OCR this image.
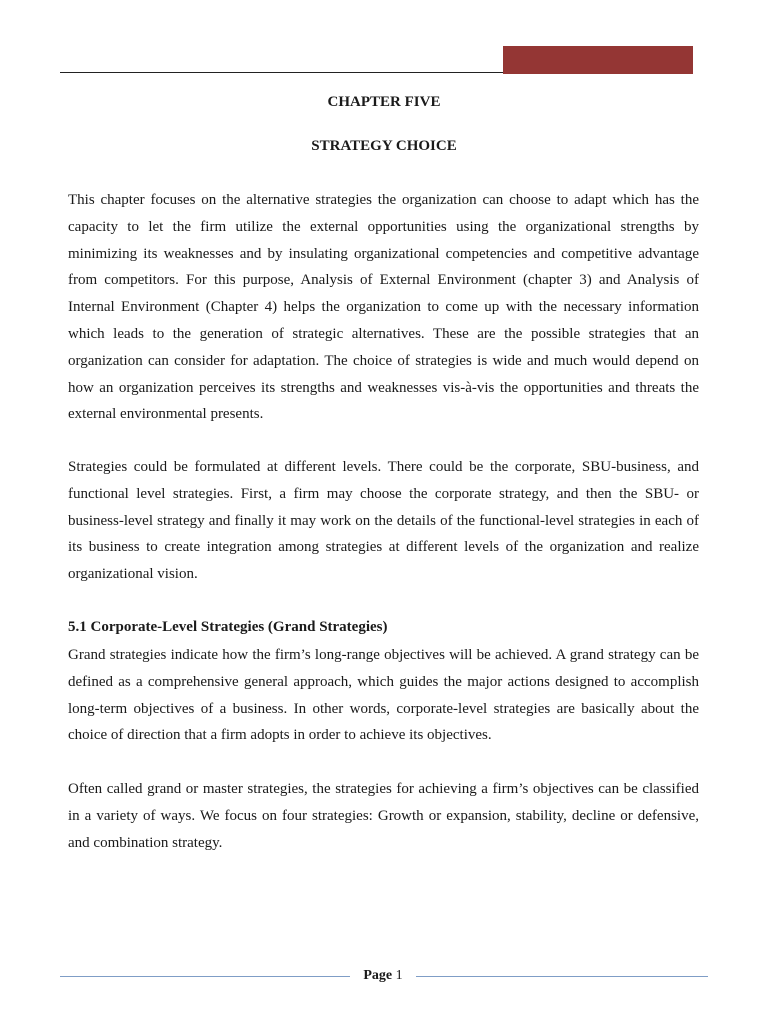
CHAPTER FIVE
STRATEGY CHOICE

This chapter focuses on the alternative strategies the organization can choose to adapt which has the capacity to let the firm utilize the external opportunities using the organizational strengths by minimizing its weaknesses and by insulating organizational competencies and competitive advantage from competitors. For this purpose, Analysis of External Environment (chapter 3) and Analysis of Internal Environment (Chapter 4) helps the organization to come up with the necessary information which leads to the generation of strategic alternatives. These are the possible strategies that an organization can consider for adaptation. The choice of strategies is wide and much would depend on how an organization perceives its strengths and weaknesses vis-à-vis the opportunities and threats the external environmental presents.

Strategies could be formulated at different levels. There could be the corporate, SBU-business, and functional level strategies. First, a firm may choose the corporate strategy, and then the SBU- or business-level strategy and finally it may work on the details of the functional-level strategies in each of its business to create integration among strategies at different levels of the organization and realize organizational vision.

5.1 Corporate-Level Strategies (Grand Strategies)

Grand strategies indicate how the firm’s long-range objectives will be achieved. A grand strategy can be defined as a comprehensive general approach, which guides the major actions designed to accomplish long-term objectives of a business. In other words, corporate-level strategies are basically about the choice of direction that a firm adopts in order to achieve its objectives.

Often called grand or master strategies, the strategies for achieving a firm’s objectives can be classified in a variety of ways. We focus on four strategies: Growth or expansion, stability, decline or defensive, and combination strategy.

Page 1
